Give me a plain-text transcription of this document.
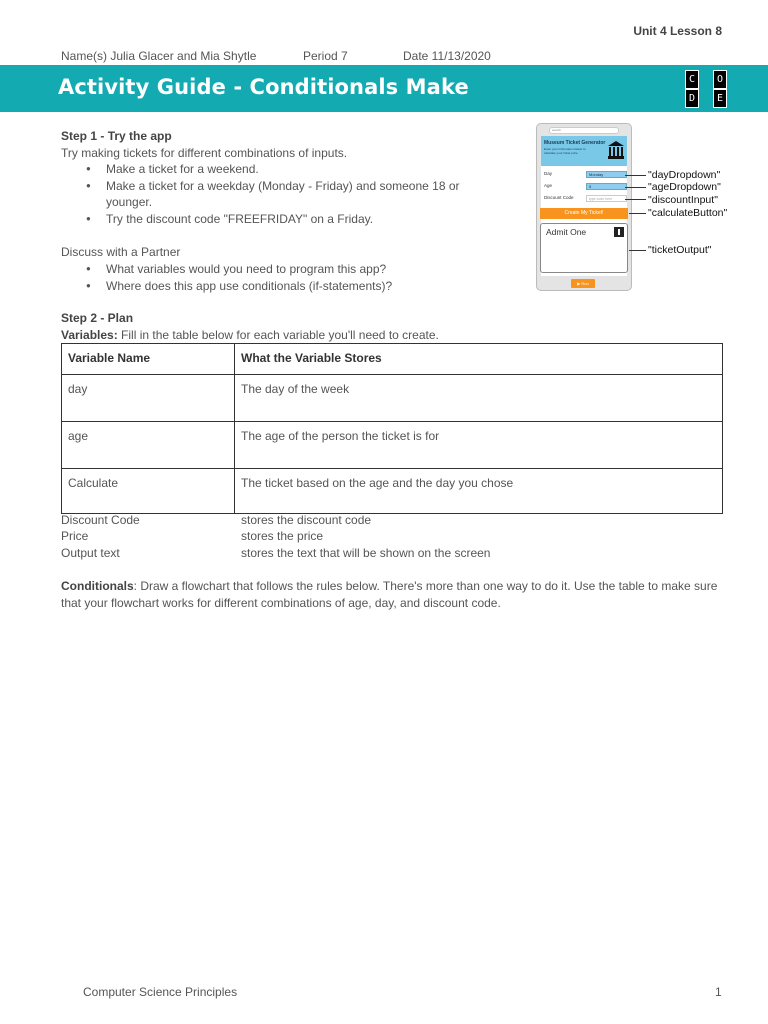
Unit 4 Lesson 8
Name(s) Julia Glacer and Mia Shytle	Period 7	Date 11/13/2020
Activity Guide - Conditionals Make	C	O
D	E
Step 1 - Try the app
Try making tickets for different combinations of inputs.
● Make a ticket for a weekend.
● Make a ticket for a weekday (Monday - Friday) and someone 18 or younger.
● Try the discount code "FREEFRIDAY" on a Friday.
Discuss with a Partner
● What variables would you need to program this app?
● Where does this app use conditionals (if-statements)?
search
Museum Ticket Generator
Enter your information below to calculate your ticket price
Day
Age
Discount Code
Monday
5
type code here
Create My Ticket!
Admit One
▶ Run
"dayDropdown"
"ageDropdown"
"discountInput"
"calculateButton"
"ticketOutput"
Step 2 - Plan
Variables: Fill in the table below for each variable you'll need to create.
Variable Name	What the Variable Stores
day	The day of the week
age	The age of the person the ticket is for
Calculate	The ticket based on the age and the day you chose
Discount Code	stores the discount code
Price	stores the price
Output text	stores the text that will be shown on the screen
Conditionals: Draw a flowchart that follows the rules below. There's more than one way to do it. Use the table to make sure that your flowchart works for different combinations of age, day, and discount code.
Computer Science Principles	1
